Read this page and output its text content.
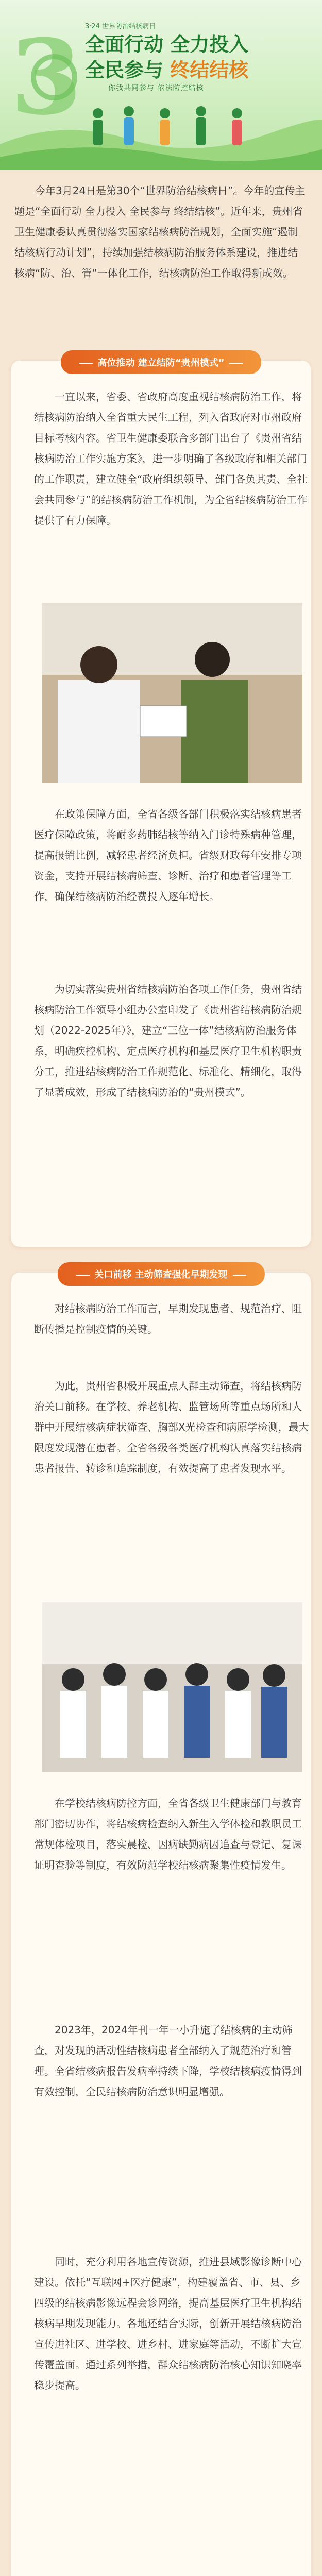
3 3·24 世界防治结核病日
全面行动 全力投入
全民参与 终结结核
你我共同参与 依法防控结核
今年3月24日是第30个“世界防治结核病日”。今年的宣传主题是“全面行动 全力投入 全民参与 终结结核”。近年来，贵州省卫生健康委认真贯彻落实国家结核病防治规划，全面实施“遏制结核病行动计划”，持续加强结核病防治服务体系建设，推进结核病“防、治、管”一体化工作，结核病防治工作取得新成效。
高位推动 建立结防“贵州模式”
一直以来，省委、省政府高度重视结核病防治工作，将结核病防治纳入全省重大民生工程，列入省政府对市州政府目标考核内容。省卫生健康委联合多部门出台了《贵州省结核病防治工作实施方案》，进一步明确了各级政府和相关部门的工作职责，建立健全“政府组织领导、部门各负其责、全社会共同参与”的结核病防治工作机制，为全省结核病防治工作提供了有力保障。
在政策保障方面，全省各级各部门积极落实结核病患者医疗保障政策，将耐多药肺结核等纳入门诊特殊病种管理，提高报销比例，减轻患者经济负担。省级财政每年安排专项资金，支持开展结核病筛查、诊断、治疗和患者管理等工作，确保结核病防治经费投入逐年增长。
为切实落实贵州省结核病防治各项工作任务，贵州省结核病防治工作领导小组办公室印发了《贵州省结核病防治规划（2022-2025年）》，建立“三位一体”结核病防治服务体系，明确疾控机构、定点医疗机构和基层医疗卫生机构职责分工，推进结核病防治工作规范化、标准化、精细化，取得了显著成效，形成了结核病防治的“贵州模式”。
关口前移 主动筛查强化早期发现
对结核病防治工作而言，早期发现患者、规范治疗、阻断传播是控制疫情的关键。
为此，贵州省积极开展重点人群主动筛查，将结核病防治关口前移。在学校、养老机构、监管场所等重点场所和人群中开展结核病症状筛查、胸部X光检查和病原学检测，最大限度发现潜在患者。全省各级各类医疗机构认真落实结核病患者报告、转诊和追踪制度，有效提高了患者发现水平。
在学校结核病防控方面，全省各级卫生健康部门与教育部门密切协作，将结核病检查纳入新生入学体检和教职员工常规体检项目，落实晨检、因病缺勤病因追查与登记、复课证明查验等制度，有效防范学校结核病聚集性疫情发生。
2023年，2024年刊一年一小升施了结核病的主动筛查，对发现的活动性结核病患者全部纳入了规范治疗和管理。全省结核病报告发病率持续下降，学校结核病疫情得到有效控制，全民结核病防治意识明显增强。
同时，充分利用各地宣传资源，推进县域影像诊断中心建设。依托“互联网+医疗健康”，构建覆盖省、市、县、乡四级的结核病影像远程会诊网络，提高基层医疗卫生机构结核病早期发现能力。各地还结合实际，创新开展结核病防治宣传进社区、进学校、进乡村、进家庭等活动，不断扩大宣传覆盖面。通过系列举措，群众结核病防治核心知识知晓率稳步提高。
